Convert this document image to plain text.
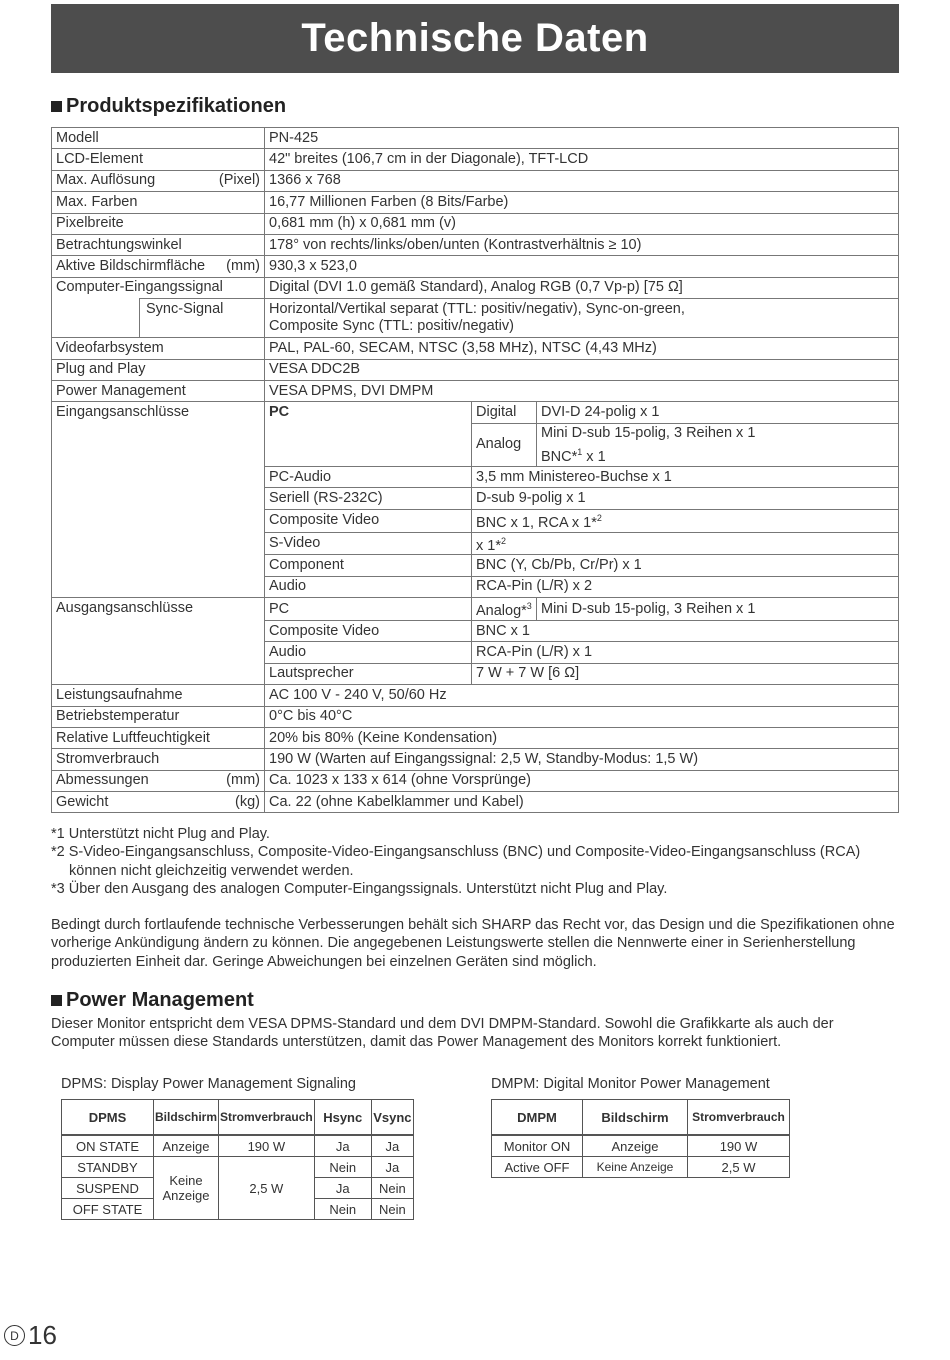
Technische Daten
Produktspezifikationen
Modell		PN-425		
LCD-Element		42" breites (106,7 cm in der Diagonale), TFT-LCD		

Max. Auflösung (Pixel)		1366 x 768		
Max. Farben		16,77 Millionen Farben (8 Bits/Farbe)		
Pixelbreite		0,681 mm (h) x 0,681 mm (v)		
Betrachtungswinkel		178° von rechts/links/oben/unten (Kontrastverhältnis ≥ 10)		

Aktive Bildschirmfläche (mm)		930,3 x 523,0		
Computer-Eingangssignal		Digital (DVI 1.0 gemäß Standard), Analog RGB (0,7 Vp-p) [75 Ω]		
	Sync-Signal	Horizontal/Vertikal separat (TTL: positiv/negativ), Sync-on-green,
Composite Sync (TTL: positiv/negativ)		

Videofarbsystem		PAL, PAL-60, SECAM, NTSC (3,58 MHz), NTSC (4,43 MHz)		
Plug and Play		VESA DDC2B		
Power Management		VESA DPMS, DVI DMPM		
Eingangsanschlüsse		PC	Digital	DVI-D 24-polig x 1
			Analog	Mini D-sub 15-polig, 3 Reihen x 1
				BNC*$^1$ x 1
		PC-Audio	3,5 mm Ministereo-Buchse x 1	
		Seriell (RS-232C)	D-sub 9-polig x 1	
		Composite Video	BNC x 1, RCA x 1*$^2$
		S-Video	x 1*$^2$
		Component	BNC (Y, Cb/Pb, Cr/Pr) x 1	
		Audio	RCA-Pin (L/R) x 2	
Ausgangsanschlüsse		PC	Analog*$^3$	Mini D-sub 15-polig, 3 Reihen x 1
		Composite Video	BNC x 1	
		Audio	RCA-Pin (L/R) x 1	
		Lautsprecher	7 W + 7 W [6 Ω]	
Leistungsaufnahme		AC 100 V - 240 V, 50/60 Hz		
Betriebstemperatur		0°C bis 40°C		
Relative Luftfeuchtigkeit		20% bis 80% (Keine Kondensation)		
Stromverbrauch		190 W (Warten auf Eingangssignal: 2,5 W, Standby-Modus: 1,5 W)		

Abmessungen (mm)		Ca. 1023 x 133 x 614 (ohne Vorsprünge)		

Gewicht (kg)		Ca. 22 (ohne Kabelklammer und Kabel)		

*1 Unterstützt nicht Plug and Play.

*2 S-Video-Eingangsanschluss, Composite-Video-Eingangsanschluss (BNC) und Composite-Video-Eingangsanschluss (RCA)

können nicht gleichzeitig verwendet werden.

*3 Über den Ausgang des analogen Computer-Eingangssignals. Unterstützt nicht Plug and Play.

Bedingt durch fortlaufende technische Verbesserungen behält sich SHARP das Recht vor, das Design und die Spezifikationen ohne vorherige Ankündigung ändern zu können. Die angegebenen Leistungswerte stellen die Nennwerte einer in Serienherstellung produzierten Einheit dar. Geringe Abweichungen bei einzelnen Geräten sind möglich.

Power Management

Dieser Monitor entspricht dem VESA DPMS-Standard und dem DVI DMPM-Standard. Sowohl die Grafikkarte als auch der Computer müssen diese Standards unterstützen, damit das Power Management des Monitors korrekt funktioniert.

DPMS: Display Power Management Signaling	DMPM: Digital Monitor Power Management
DPMS	Bildschirm	Stromverbrauch	Hsync	Vsync
ON STATE	Anzeige	190 W	Ja	Ja
STANDBY	Keine Anzeige	2,5 W	Nein	Ja
SUSPEND			Ja	Nein
OFF STATE			Nein	Nein
DMPM	Bildschirm	Stromverbrauch
Monitor ON	Anzeige	190 W
Active OFF	Keine Anzeige	2,5 W
D 16
